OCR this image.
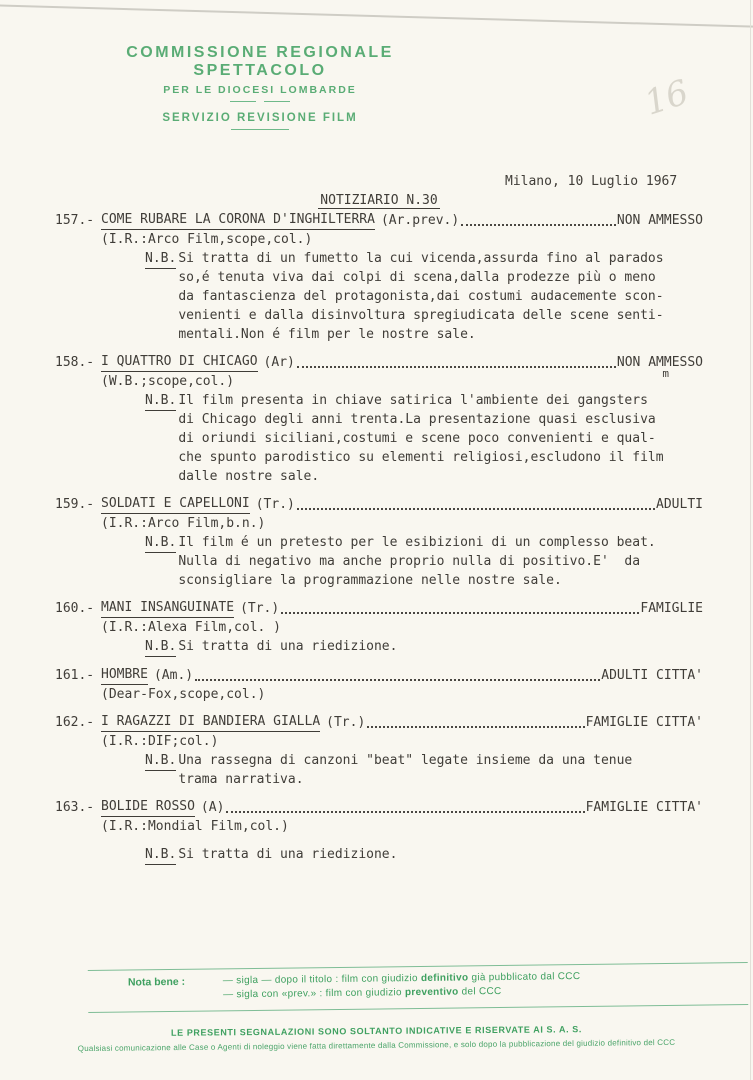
16
COMMISSIONE REGIONALE SPETTACOLO
PER LE DIOCESI LOMBARDE
SERVIZIO REVISIONE FILM
Milano, 10 Luglio 1967
NOTIZIARIO N.30
157.- COME RUBARE LA CORONA D'INGHILTERRA (Ar.prev.)	NON AMMESSO
(I.R.:Arco Film,scope,col.)
N.B. Si tratta di un fumetto la cui vicenda,assurda fino al parados
so,é tenuta viva dai colpi di scena,dalla prodezze più o meno
da fantascienza del protagonista,dai costumi audacemente scon-
venienti e dalla disinvoltura spregiudicata delle scene senti-
mentali.Non é film per le nostre sale.
158.- I QUATTRO DI CHICAGO (Ar)	NON AMMESSO
m
(W.B.;scope,col.)
N.B. Il film presenta in chiave satirica l'ambiente dei gangsters
di Chicago degli anni trenta.La presentazione quasi esclusiva
di oriundi siciliani,costumi e scene poco convenienti e qual-
che spunto parodistico su elementi religiosi,escludono il film
dalle nostre sale.
159.- SOLDATI E CAPELLONI (Tr.)	ADULTI
(I.R.:Arco Film,b.n.)
N.B. Il film é un pretesto per le esibizioni di un complesso beat.
Nulla di negativo ma anche proprio nulla di positivo.E'  da
sconsigliare la programmazione nelle nostre sale.
160.- MANI INSANGUINATE (Tr.)	FAMIGLIE
(I.R.:Alexa Film,col. )
N.B. Si tratta di una riedizione.
161.- HOMBRE (Am.)	ADULTI CITTA'
(Dear-Fox,scope,col.)
162.- I RAGAZZI DI BANDIERA GIALLA (Tr.)	FAMIGLIE CITTA'
(I.R.:DIF;col.)
N.B. Una rassegna di canzoni "beat" legate insieme da una tenue
trama narrativa.
163.- BOLIDE ROSSO (A)	FAMIGLIE CITTA'
(I.R.:Mondial Film,col.)
N.B. Si tratta di una riedizione.
Nota bene :	— sigla — dopo il titolo : film con giudizio definitivo già pubblicato dal CCC
— sigla con «prev.» : film con giudizio preventivo del CCC
LE PRESENTI SEGNALAZIONI SONO SOLTANTO INDICATIVE E RISERVATE AI S. A. S.
Qualsiasi comunicazione alle Case o Agenti di noleggio viene fatta direttamente dalla Commissione, e solo dopo la pubblicazione del giudizio definitivo del CCC
